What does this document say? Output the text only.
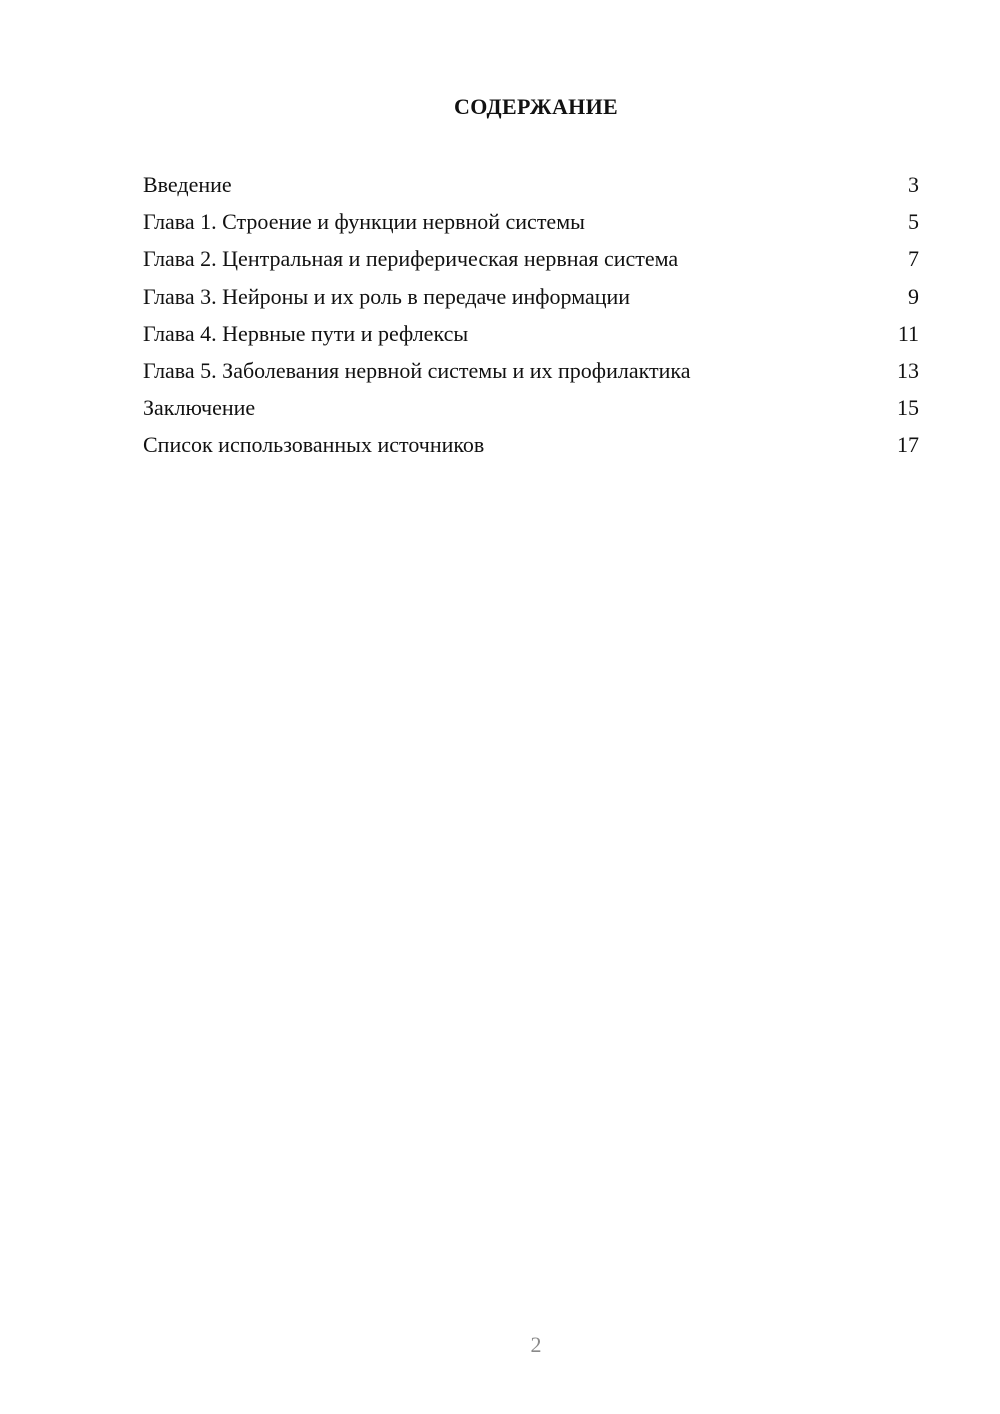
СОДЕРЖАНИЕ
Введение	3
Глава 1. Строение и функции нервной системы	5
Глава 2. Центральная и периферическая нервная система	7
Глава 3. Нейроны и их роль в передаче информации	9
Глава 4. Нервные пути и рефлексы	11
Глава 5. Заболевания нервной системы и их профилактика	13
Заключение	15
Список использованных источников	17
2
